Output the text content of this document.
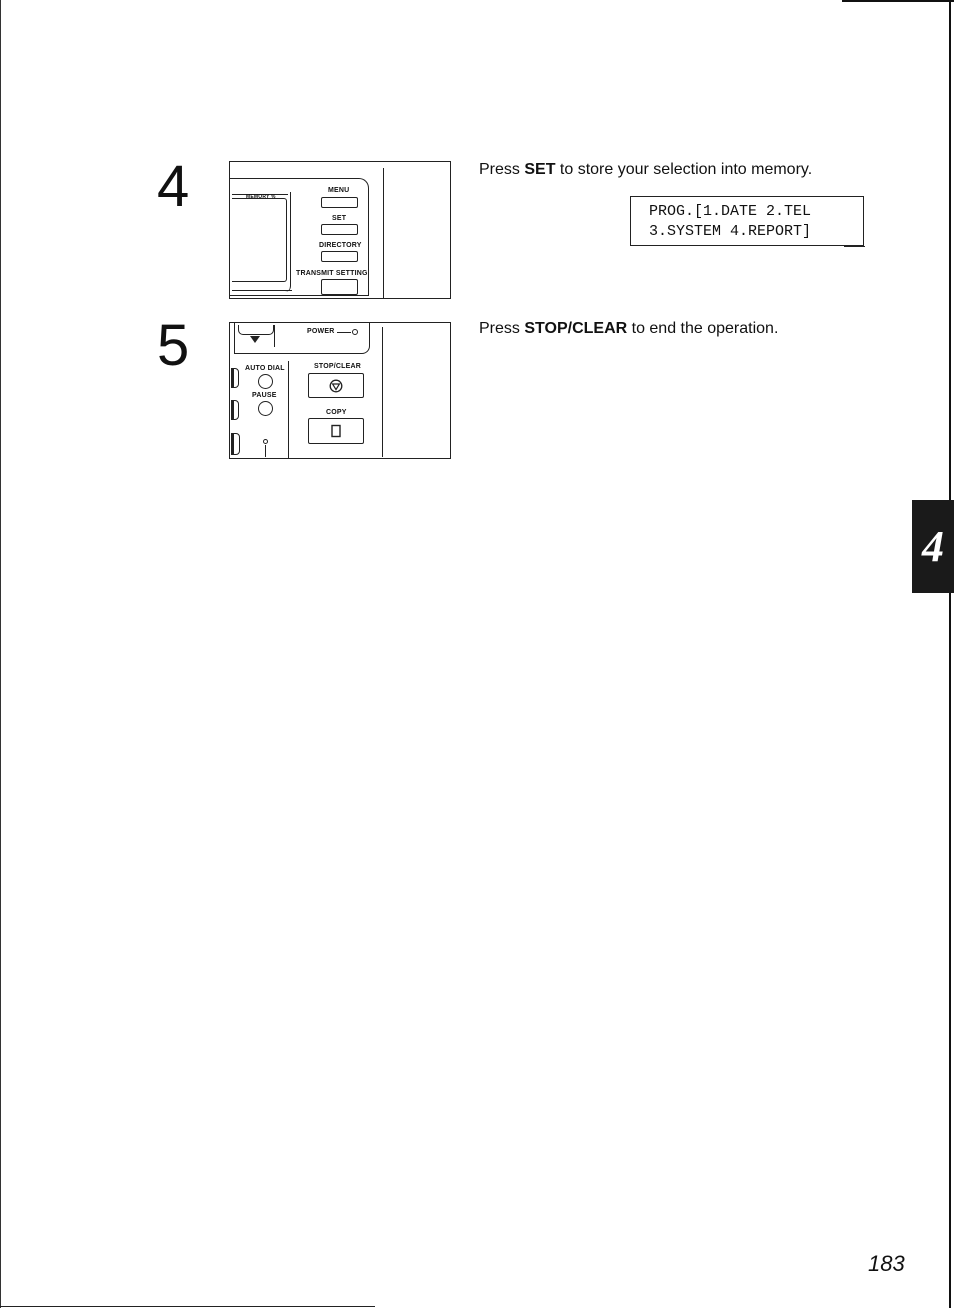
4	MEMORY %
MENU
SET
DIRECTORY
TRANSMIT SETTING
Press SET to store your selection into memory.
PROG.[1.DATE 2.TEL
3.SYSTEM 4.REPORT]
5	POWER
AUTO DIAL
PAUSE
STOP/CLEAR
COPY
Press STOP/CLEAR to end the operation.
4
183
